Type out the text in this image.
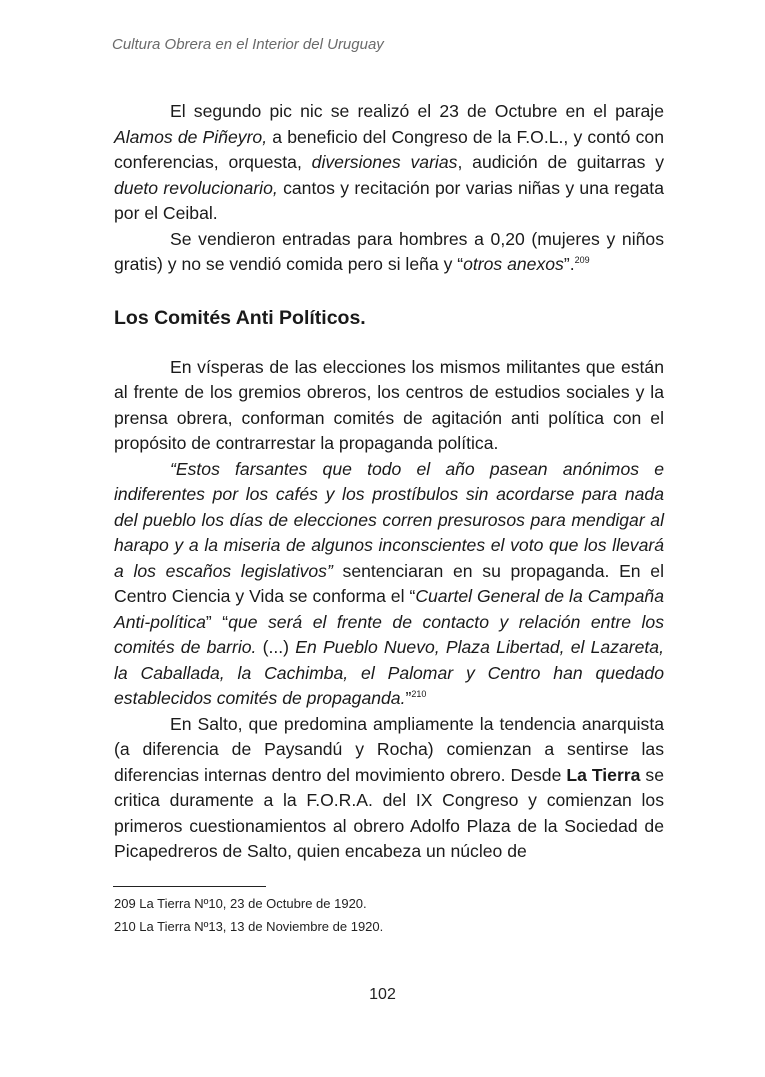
Cultura Obrera en el Interior del Uruguay

El segundo pic nic se realizó el 23 de Octubre en el paraje Alamos de Piñeyro, a beneficio del Congreso de la F.O.L., y contó con conferencias, orquesta, diversiones varias, audición de guitarras y dueto revolucionario, cantos y recitación por varias niñas y una regata por el Ceibal.

Se vendieron entradas para hombres a 0,20 (mujeres y niños gratis) y no se vendió comida pero si leña y “otros anexos”.$^{209}$

Los Comités Anti Políticos.

En vísperas de las elecciones los mismos militantes que están al frente de los gremios obreros, los centros de estudios sociales y la prensa obrera, conforman comités de agitación anti política con el propósito de contrarrestar la propaganda política.

“Estos farsantes que todo el año pasean anónimos e indiferentes por los cafés y los prostíbulos sin acordarse para nada del pueblo los días de elecciones corren presurosos para mendigar al harapo y a la miseria de algunos inconscientes el voto que los llevará a los escaños legislativos” sentenciaran en su propaganda. En el Centro Ciencia y Vida se conforma el “Cuartel General de la Campaña Anti-política” “que será el frente de contacto y relación entre los comités de barrio. (...) En Pueblo Nuevo, Plaza Libertad, el Lazareta, la Caballada, la Cachimba, el Palomar y Centro han quedado establecidos comités de propaganda.”$^{210}$

En Salto, que predomina ampliamente la tendencia anarquista (a diferencia de Paysandú y Rocha) comienzan a sentirse las diferencias internas dentro del movimiento obrero. Desde La Tierra se critica duramente a la F.O.R.A. del IX Congreso y comienzan los primeros cuestionamientos al obrero Adolfo Plaza de la Sociedad de Picapedreros de Salto, quien encabeza un núcleo de

209 La Tierra Nº10, 23 de Octubre de 1920.
210 La Tierra Nº13, 13 de Noviembre de 1920.
102
